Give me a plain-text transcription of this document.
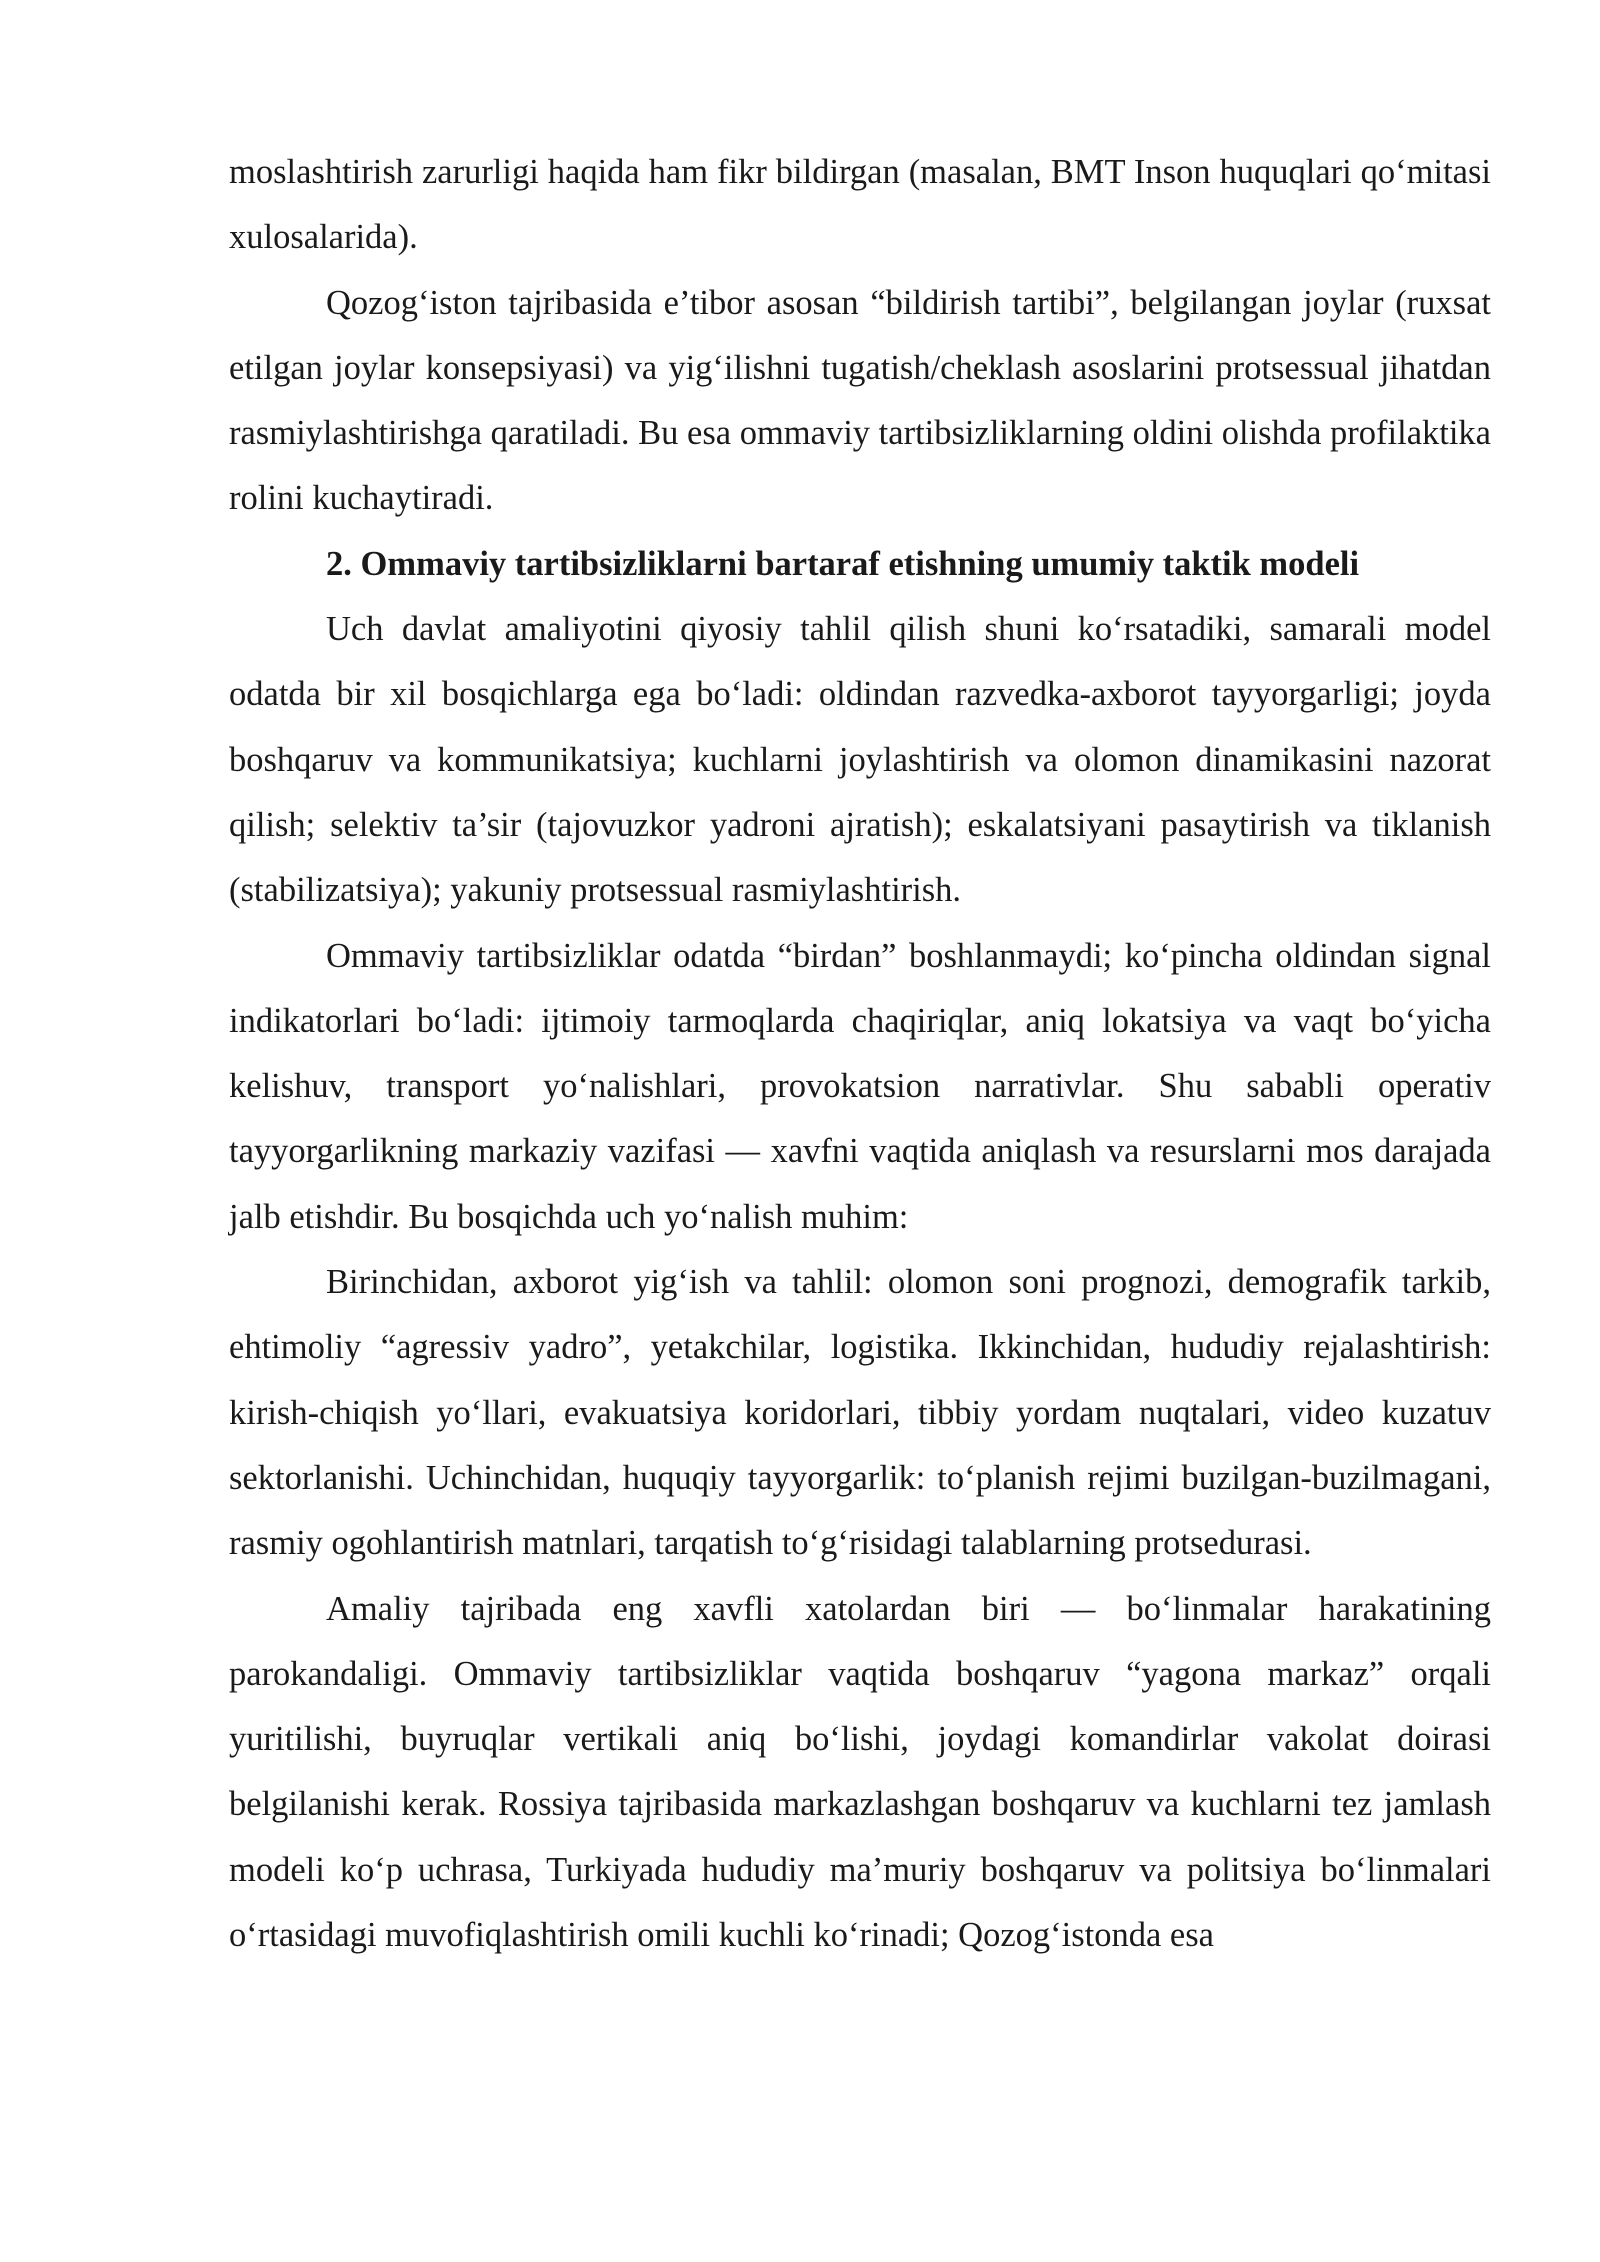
moslashtirish zarurligi haqida ham fikr bildirgan (masalan, BMT Inson huquqlari qo‘mitasi xulosalarida).

Qozog‘iston tajribasida e’tibor asosan “bildirish tartibi”, belgilangan joylar (ruxsat etilgan joylar konsepsiyasi) va yig‘ilishni tugatish/cheklash asoslarini protsessual jihatdan rasmiylashtirishga qaratiladi. Bu esa ommaviy tartibsizliklarning oldini olishda profilaktika rolini kuchaytiradi.

2. Ommaviy tartibsizliklarni bartaraf etishning umumiy taktik modeli

Uch davlat amaliyotini qiyosiy tahlil qilish shuni ko‘rsatadiki, samarali model odatda bir xil bosqichlarga ega bo‘ladi: oldindan razvedka-axborot tayyorgarligi; joyda boshqaruv va kommunikatsiya; kuchlarni joylashtirish va olomon dinamikasini nazorat qilish; selektiv ta’sir (tajovuzkor yadroni ajratish); eskalatsiyani pasaytirish va tiklanish (stabilizatsiya); yakuniy protsessual rasmiylashtirish.

Ommaviy tartibsizliklar odatda “birdan” boshlanmaydi; ko‘pincha oldindan signal indikatorlari bo‘ladi: ijtimoiy tarmoqlarda chaqiriqlar, aniq lokatsiya va vaqt bo‘yicha kelishuv, transport yo‘nalishlari, provokatsion narrativlar. Shu sababli operativ tayyorgarlikning markaziy vazifasi — xavfni vaqtida aniqlash va resurslarni mos darajada jalb etishdir. Bu bosqichda uch yo‘nalish muhim:

Birinchidan, axborot yig‘ish va tahlil: olomon soni prognozi, demografik tarkib, ehtimoliy “agressiv yadro”, yetakchilar, logistika. Ikkinchidan, hududiy rejalashtirish: kirish-chiqish yo‘llari, evakuatsiya koridorlari, tibbiy yordam nuqtalari, video kuzatuv sektorlanishi. Uchinchidan, huquqiy tayyorgarlik: to‘planish rejimi buzilgan-buzilmagani, rasmiy ogohlantirish matnlari, tarqatish to‘g‘risidagi talablarning protsedurasi.

Amaliy tajribada eng xavfli xatolardan biri — bo‘linmalar harakatining parokandaligi. Ommaviy tartibsizliklar vaqtida boshqaruv “yagona markaz” orqali yuritilishi, buyruqlar vertikali aniq bo‘lishi, joydagi komandirlar vakolat doirasi belgilanishi kerak. Rossiya tajribasida markazlashgan boshqaruv va kuchlarni tez jamlash modeli ko‘p uchrasa, Turkiyada hududiy ma’muriy boshqaruv va politsiya bo‘linmalari o‘rtasidagi muvofiqlashtirish omili kuchli ko‘rinadi; Qozog‘istonda esa
